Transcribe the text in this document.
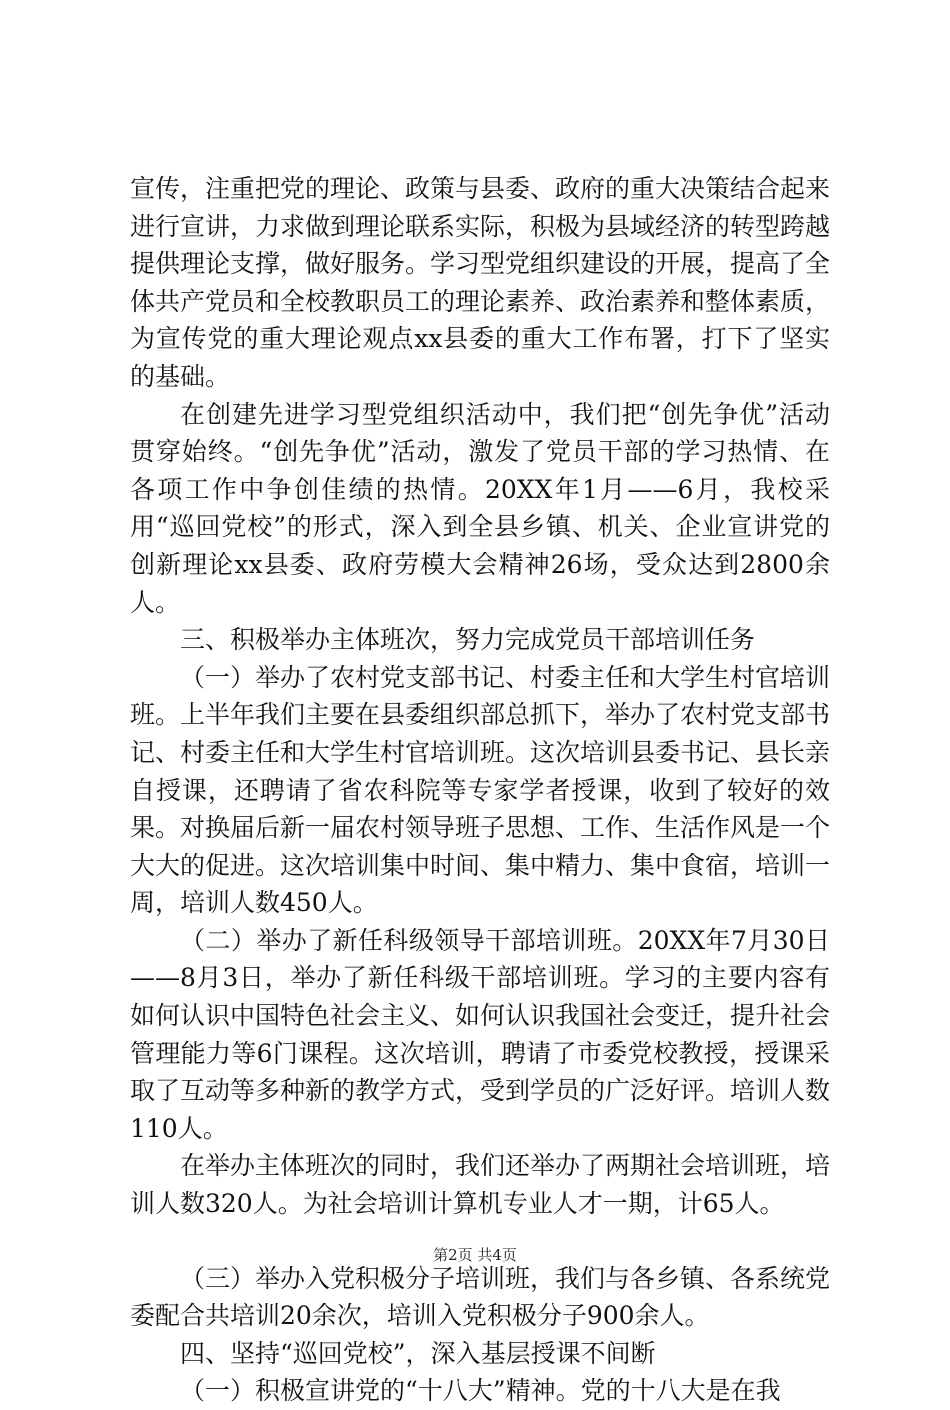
宣传，注重把党的理论、政策与县委、政府的重大决策结合起来进行宣讲，力求做到理论联系实际，积极为县域经济的转型跨越提供理论支撑，做好服务。学习型党组织建设的开展，提高了全体共产党员和全校教职员工的理论素养、政治素养和整体素质，为宣传党的重大理论观点xx县委的重大工作布署，打下了坚实的基础。

在创建先进学习型党组织活动中，我们把“创先争优”活动贯穿始终。“创先争优”活动，激发了党员干部的学习热情、在各项工作中争创佳绩的热情。20XX年1月——6月，我校采用“巡回党校”的形式，深入到全县乡镇、机关、企业宣讲党的创新理论xx县委、政府劳模大会精神26场，受众达到2800余人。

三、积极举办主体班次，努力完成党员干部培训任务

（一）举办了农村党支部书记、村委主任和大学生村官培训班。上半年我们主要在县委组织部总抓下，举办了农村党支部书记、村委主任和大学生村官培训班。这次培训县委书记、县长亲自授课，还聘请了省农科院等专家学者授课，收到了较好的效果。对换届后新一届农村领导班子思想、工作、生活作风是一个大大的促进。这次培训集中时间、集中精力、集中食宿，培训一周，培训人数450人。

（二）举办了新任科级领导干部培训班。20XX年7月30日——8月3日，举办了新任科级干部培训班。学习的主要内容有如何认识中国特色社会主义、如何认识我国社会变迁，提升社会管理能力等6门课程。这次培训，聘请了市委党校教授，授课采取了互动等多种新的教学方式，受到学员的广泛好评。培训人数110人。

在举办主体班次的同时，我们还举办了两期社会培训班，培训人数320人。为社会培训计算机专业人才一期，计65人。

（三）举办入党积极分子培训班，我们与各乡镇、各系统党委配合共培训20余次，培训入党积极分子900余人。

四、坚持“巡回党校”，深入基层授课不间断

（一）积极宣讲党的“十八大”精神。党的十八大是在我

第2页 共4页
